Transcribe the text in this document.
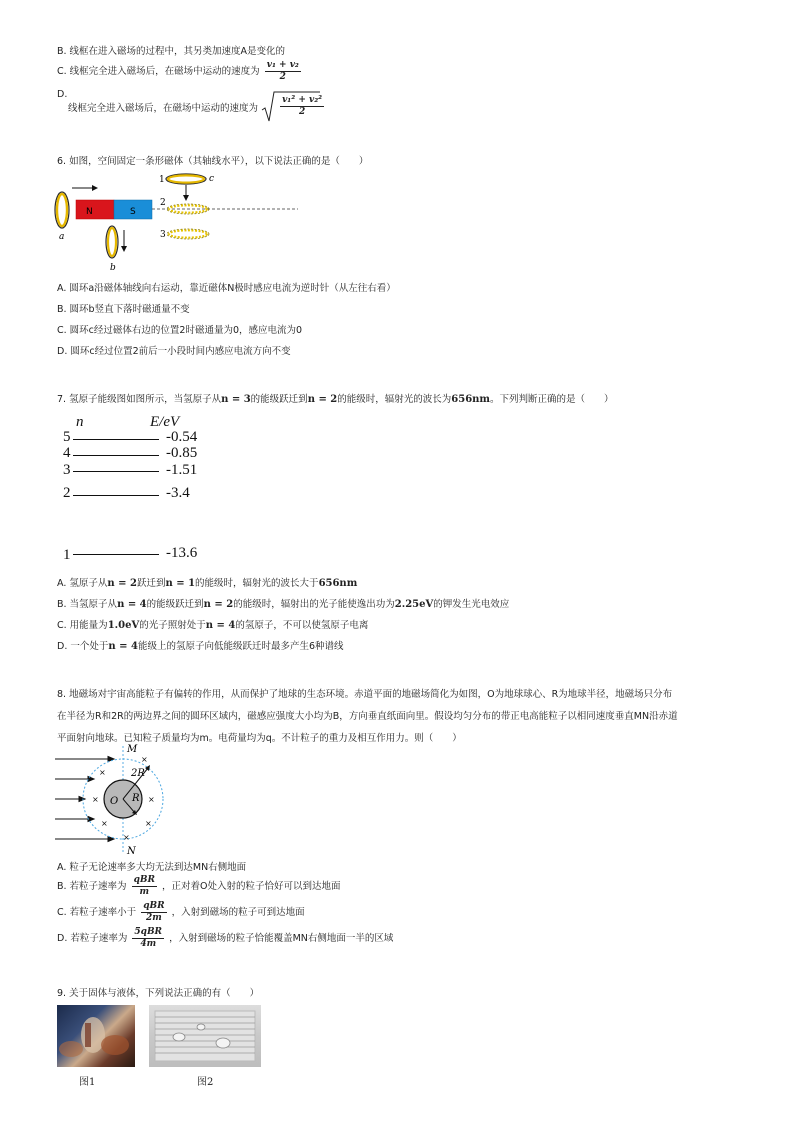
B. 线框在进入磁场的过程中，其另类加速度A是变化的
C. 线框完全进入磁场后，在磁场中运动的速度为 $\frac{\text{v₁ + v₂}}{2}$
D.
线框完全进入磁场后，在磁场中运动的速度为 $\frac{\text{v₁² + v₂²}}{2}$
6. 如图，空间固定一条形磁体（其轴线水平），以下说法正确的是（　　）
a
N	S
b
1	c
2
3
A. 圆环a沿磁体轴线向右运动，靠近磁体N极时感应电流为逆时针（从左往右看）
B. 圆环b竖直下落时磁通量不变
C. 圆环c经过磁体右边的位置2时磁通量为0，感应电流为0
D. 圆环c经过位置2前后一小段时间内感应电流方向不变
7. 氢原子能级图如图所示，当氢原子从n = 3的能级跃迁到n = 2的能级时，辐射光的波长为656nm。下列判断正确的是（　　）
n	E/eV
5	-0.54
4	-0.85
3	-1.51
2	-3.4
1	-13.6
A. 氢原子从n = 2跃迁到n = 1的能级时，辐射光的波长大于656nm
B. 当氢原子从n = 4的能级跃迁到n = 2的能级时，辐射出的光子能使逸出功为2.25eV的钾发生光电效应
C. 用能量为1.0eV的光子照射处于n = 4的氢原子，不可以使氢原子电离
D. 一个处于n = 4能级上的氢原子向低能级跃迁时最多产生6种谱线
8. 地磁场对宇宙高能粒子有偏转的作用，从而保护了地球的生态环境。赤道平面的地磁场简化为如图，O为地球球心、R为地球半径，地磁场只分布
在半径为R和2R的两边界之间的圆环区域内，磁感应强度大小均为B，方向垂直纸面向里。假设均匀分布的带正电高能粒子以相同速度垂直MN沿赤道
平面射向地球。已知粒子质量均为m。电荷量均为q。不计粒子的重力及相互作用力。则（　　）
M
N
O R
2R
×
×
×	×
×	×
×
A. 粒子无论速率多大均无法到达MN右侧地面
B. 若粒子速率为 $\frac{\text{qBR}}{m}$ ，正对着O处入射的粒子恰好可以到达地面
C. 若粒子速率小于 $\frac{\text{qBR}}{2m}$ ，入射到磁场的粒子可到达地面
D. 若粒子速率为 $\frac{\text{5qBR}}{4m}$ ，入射到磁场的粒子恰能覆盖MN右侧地面一半的区域
9. 关于固体与液体，下列说法正确的有（　　）
图1	图2
